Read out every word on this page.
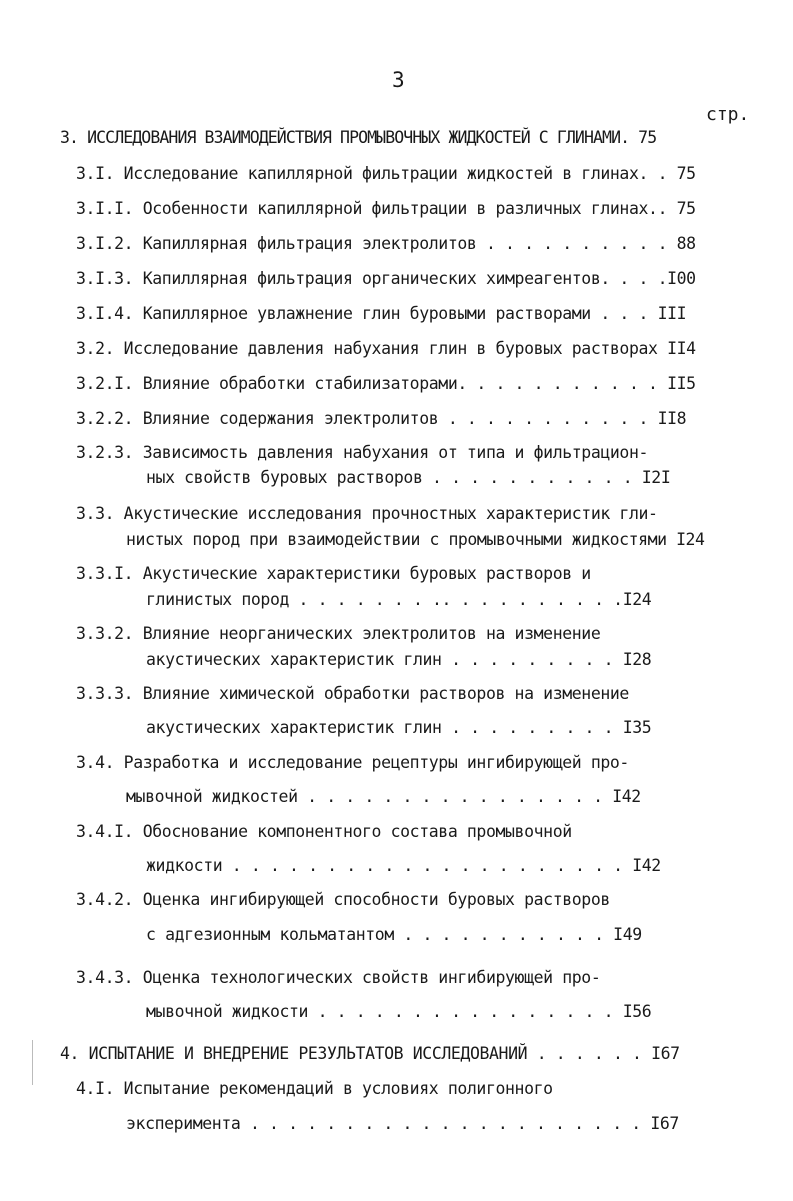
3
стр.
3. ИССЛЕДОВАНИЯ ВЗАИМОДЕЙСТВИЯ ПРОМЫВОЧНЫХ ЖИДКОСТЕЙ С ГЛИНАМИ. 75
3.I. Исследование капиллярной фильтрации жидкостей в глинах. . 75
3.I.I. Особенности капиллярной фильтрации в различных глинах.. 75
3.I.2. Капиллярная фильтрация электролитов . . . . . . . . . . 88
3.I.3. Капиллярная фильтрация органических химреагентов. . . .I00
3.I.4. Капиллярное увлажнение глин буровыми растворами . . . III
3.2. Исследование давления набухания глин в буровых растворах II4
3.2.I. Влияние обработки стабилизаторами. . . . . . . . . . . II5
3.2.2. Влияние содержания электролитов . . . . . . . . . . . II8
3.2.3. Зависимость давления набухания от типа и фильтрацион-
ных свойств буровых растворов . . . . . . . . . . . I2I
3.3. Акустические исследования прочностных характеристик гли-
нистых пород при взаимодействии с промывочными жидкостями I24
3.3.I. Акустические характеристики буровых растворов и
глинистых пород . . . . . . . .. . . . . . . . . .I24
3.3.2. Влияние неорганических электролитов на изменение
акустических характеристик глин . . . . . . . . . I28
3.3.3. Влияние химической обработки растворов на изменение
акустических характеристик глин . . . . . . . . . I35
3.4. Разработка и исследование рецептуры ингибирующей про-
мывочной жидкостей . . . . . . . . . . . . . . . . I42
3.4.I. Обоснование компонентного состава промывочной
жидкости . . . . . . . . . . . . . . . . . . . . . I42
3.4.2. Оценка ингибирующей способности буровых растворов
с адгезионным кольматантом . . . . . . . . . . . I49
3.4.3. Оценка технологических свойств ингибирующей про-
мывочной жидкости . . . . . . . . . . . . . . . . I56
4. ИСПЫТАНИЕ И ВНЕДРЕНИЕ РЕЗУЛЬТАТОВ ИССЛЕДОВАНИЙ . . . . . . I67
4.I. Испытание рекомендаций в условиях полигонного
эксперимента . . . . . . . . . . . . . . . . . . . . . I67
